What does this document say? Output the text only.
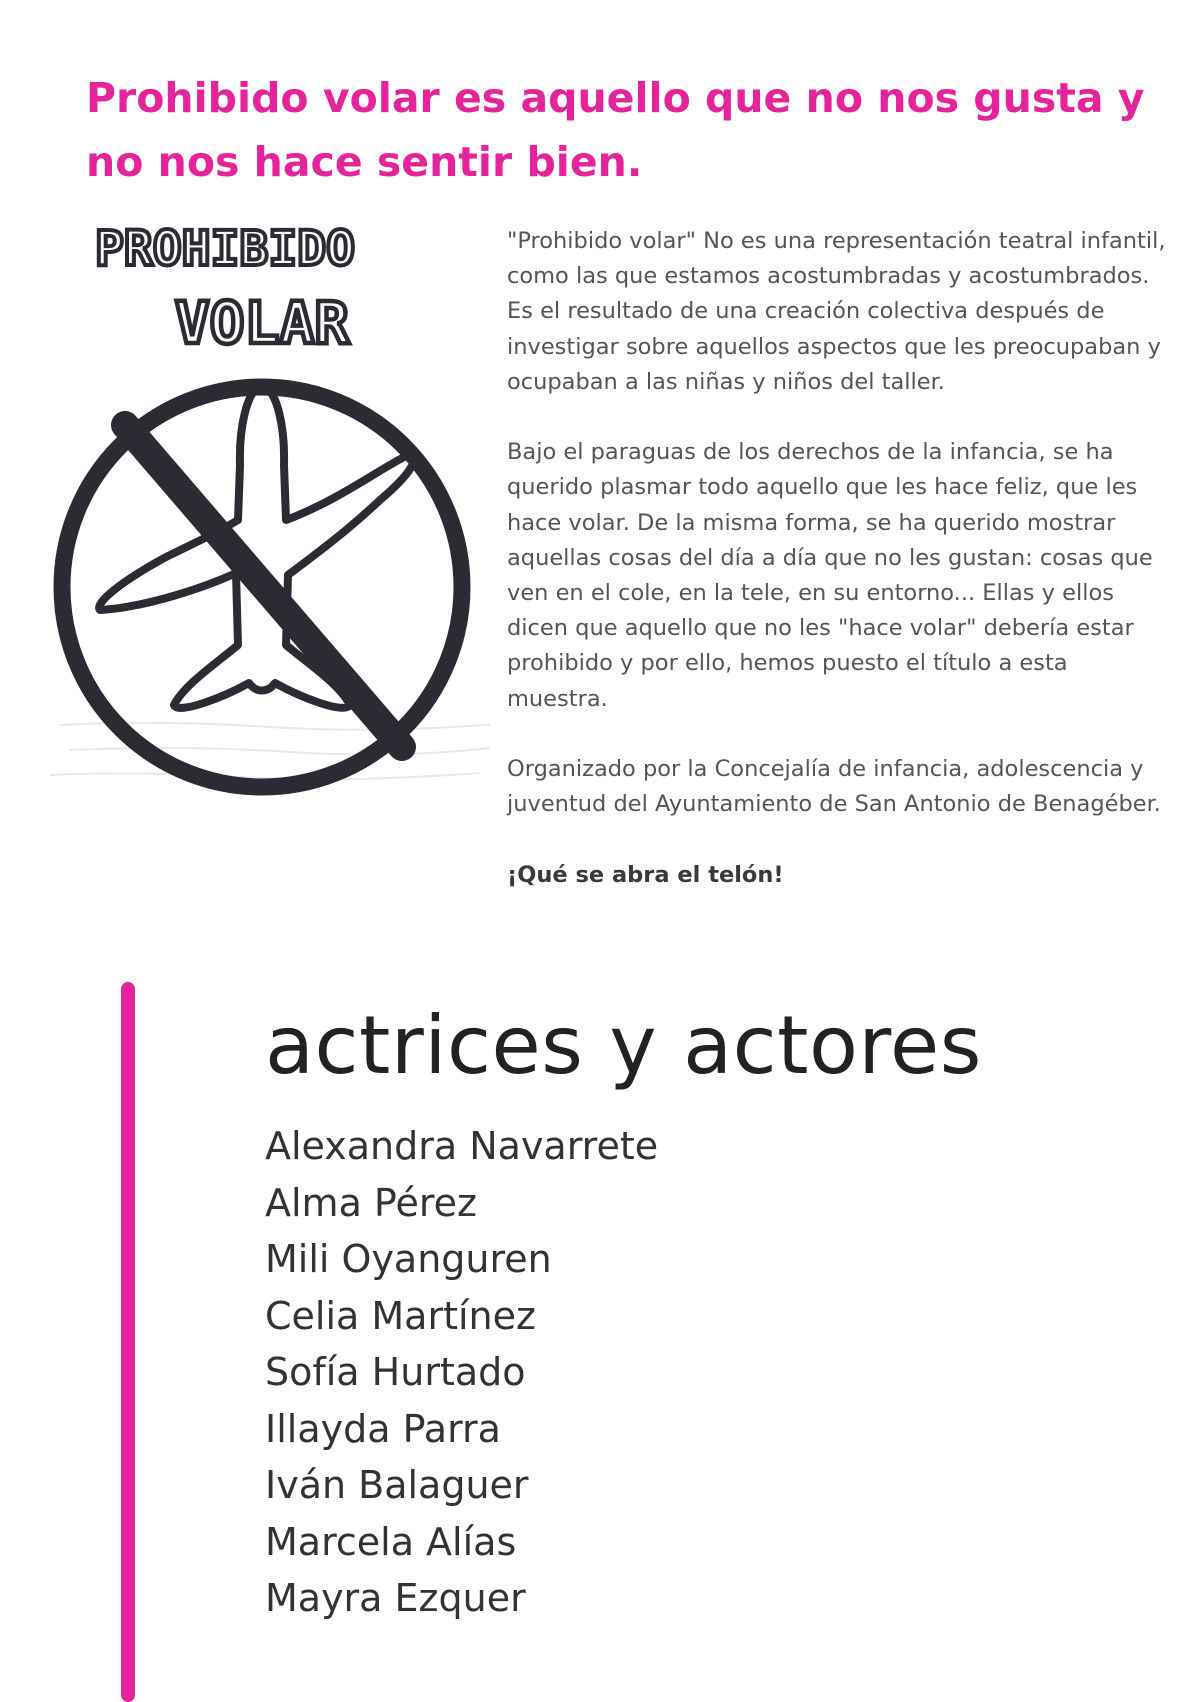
Prohibido volar es aquello que no nos gusta y no nos hace sentir bien.
PROHIBIDO
VOLAR

"Prohibido volar" No es una representación teatral infantil, como las que estamos acostumbradas y acostumbrados. Es el resultado de una creación colectiva después de investigar sobre aquellos aspectos que les preocupaban y ocupaban a las niñas y niños del taller.

Bajo el paraguas de los derechos de la infancia, se ha querido plasmar todo aquello que les hace feliz, que les hace volar. De la misma forma, se ha querido mostrar aquellas cosas del día a día que no les gustan: cosas que ven en el cole, en la tele, en su entorno... Ellas y ellos dicen que aquello que no les "hace volar" debería estar prohibido y por ello, hemos puesto el título a esta muestra.

Organizado por la Concejalía de infancia, adolescencia y juventud del Ayuntamiento de San Antonio de Benagéber.

¡Qué se abra el telón!

actrices y actores
Alexandra Navarrete
Alma Pérez
Mili Oyanguren
Celia Martínez
Sofía Hurtado
Illayda Parra
Iván Balaguer
Marcela Alías
Mayra Ezquer
